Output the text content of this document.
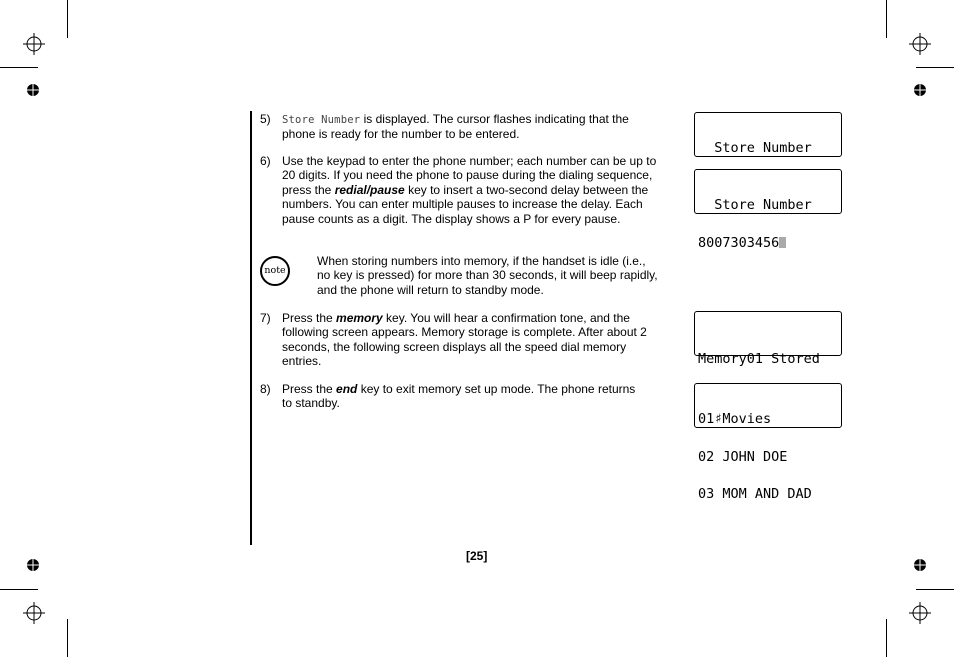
5) Store Number is displayed. The cursor flashes indicating that the
phone is ready for the number to be entered.
6) Use the keypad to enter the phone number; each number can be up to
20 digits. If you need the phone to pause during the dialing sequence,
press the redial/pause key to insert a two-second delay between the
numbers. You can enter multiple pauses to increase the delay. Each
pause counts as a digit. The display shows a P for every pause.
note
When storing numbers into memory, if the handset is idle (i.e.,
no key is pressed) for more than 30 seconds, it will beep rapidly,
and the phone will return to standby mode.
7) Press the memory key. You will hear a confirmation tone, and the
following screen appears. Memory storage is complete. After about 2
seconds, the following screen displays all the speed dial memory
entries.
8) Press the end key to exit memory set up mode. The phone returns
to standby.

Store Number

Store Number

8007303456

Memory01 Stored

01♯Movies

02 JOHN DOE

03 MOM AND DAD

[25]
